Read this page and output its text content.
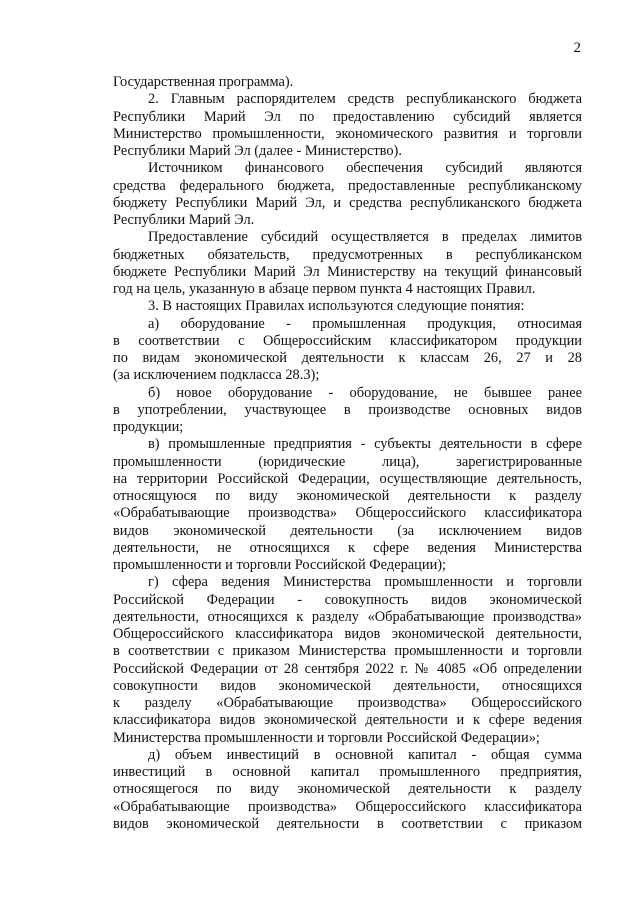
2
Государственная программа).
2. Главным распорядителем средств республиканского бюджета
Республики Марий Эл по предоставлению субсидий является
Министерство промышленности, экономического развития и торговли
Республики Марий Эл (далее - Министерство).
Источником финансового обеспечения субсидий являются
средства федерального бюджета, предоставленные республиканскому
бюджету Республики Марий Эл, и средства республиканского бюджета
Республики Марий Эл.
Предоставление субсидий осуществляется в пределах лимитов
бюджетных обязательств, предусмотренных в республиканском
бюджете Республики Марий Эл Министерству на текущий финансовый
год на цель, указанную в абзаце первом пункта 4 настоящих Правил.
3. В настоящих Правилах используются следующие понятия:
а) оборудование - промышленная продукция, относимая
в соответствии с Общероссийским классификатором продукции
по видам экономической деятельности к классам 26, 27 и 28
(за исключением подкласса 28.3);
б) новое оборудование - оборудование, не бывшее ранее
в употреблении, участвующее в производстве основных видов
продукции;
в) промышленные предприятия - субъекты деятельности в сфере
промышленности (юридические лица), зарегистрированные
на территории Российской Федерации, осуществляющие деятельность,
относящуюся по виду экономической деятельности к разделу
«Обрабатывающие производства» Общероссийского классификатора
видов экономической деятельности (за исключением видов
деятельности, не относящихся к сфере ведения Министерства
промышленности и торговли Российской Федерации);
г) сфера ведения Министерства промышленности и торговли
Российской Федерации - совокупность видов экономической
деятельности, относящихся к разделу «Обрабатывающие производства»
Общероссийского классификатора видов экономической деятельности,
в соответствии с приказом Министерства промышленности и торговли
Российской Федерации от 28 сентября 2022 г. № 4085 «Об определении
совокупности видов экономической деятельности, относящихся
к разделу «Обрабатывающие производства» Общероссийского
классификатора видов экономической деятельности и к сфере ведения
Министерства промышленности и торговли Российской Федерации»;
д) объем инвестиций в основной капитал - общая сумма
инвестиций в основной капитал промышленного предприятия,
относящегося по виду экономической деятельности к разделу
«Обрабатывающие производства» Общероссийского классификатора
видов экономической деятельности в соответствии с приказом
